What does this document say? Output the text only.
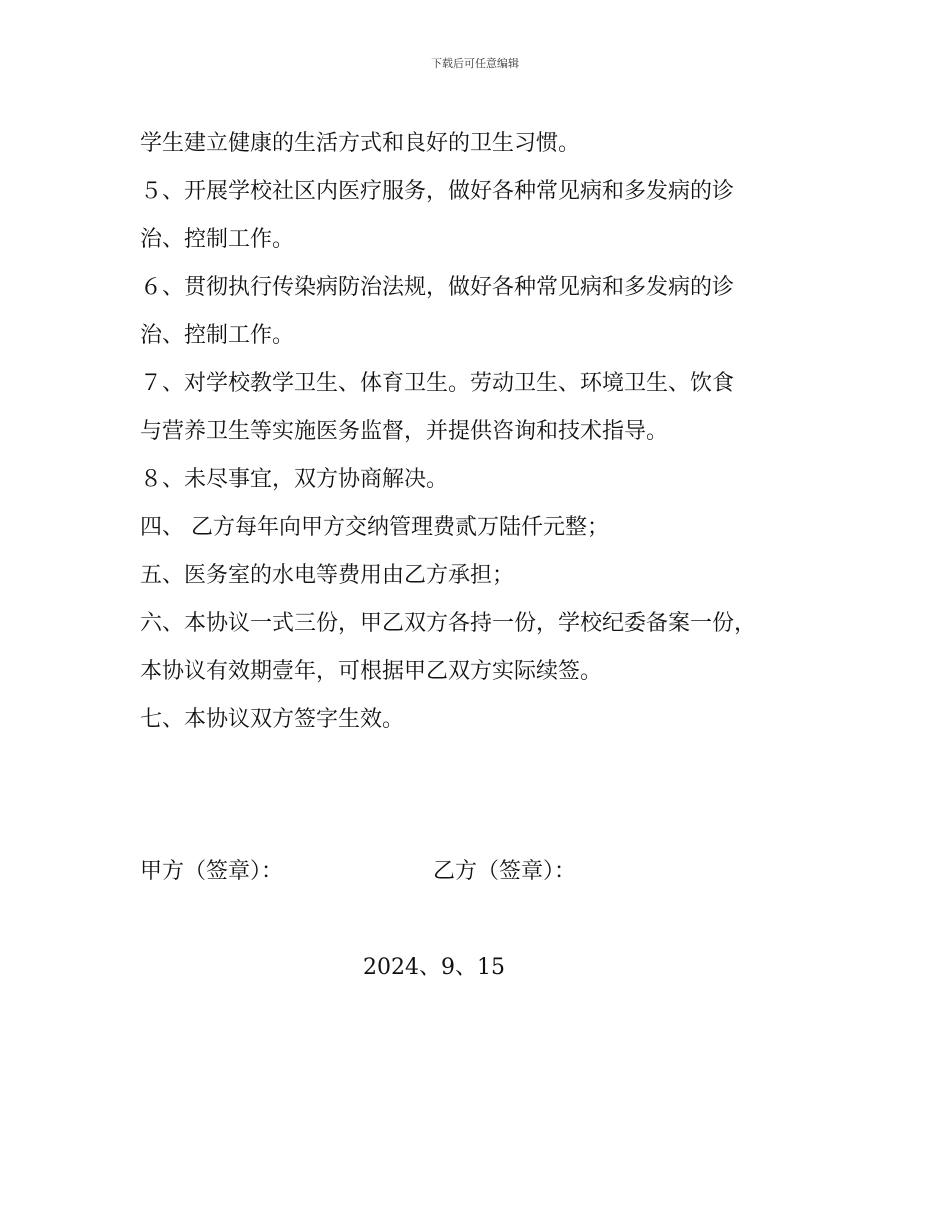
下载后可任意编辑
学生建立健康的生活方式和良好的卫生习惯。
５、开展学校社区内医疗服务，做好各种常见病和多发病的诊
治、控制工作。
６、贯彻执行传染病防治法规，做好各种常见病和多发病的诊
治、控制工作。
７、对学校教学卫生、体育卫生。劳动卫生、环境卫生、饮食
与营养卫生等实施医务监督，并提供咨询和技术指导。
８、未尽事宜，双方协商解决。
四、 乙方每年向甲方交纳管理费贰万陆仟元整；
五、医务室的水电等费用由乙方承担；
六、本协议一式三份，甲乙双方各持一份，学校纪委备案一份，
本协议有效期壹年，可根据甲乙双方实际续签。
七、本协议双方签字生效。
甲方（签章）：	乙方（签章）：
2024、9、15
